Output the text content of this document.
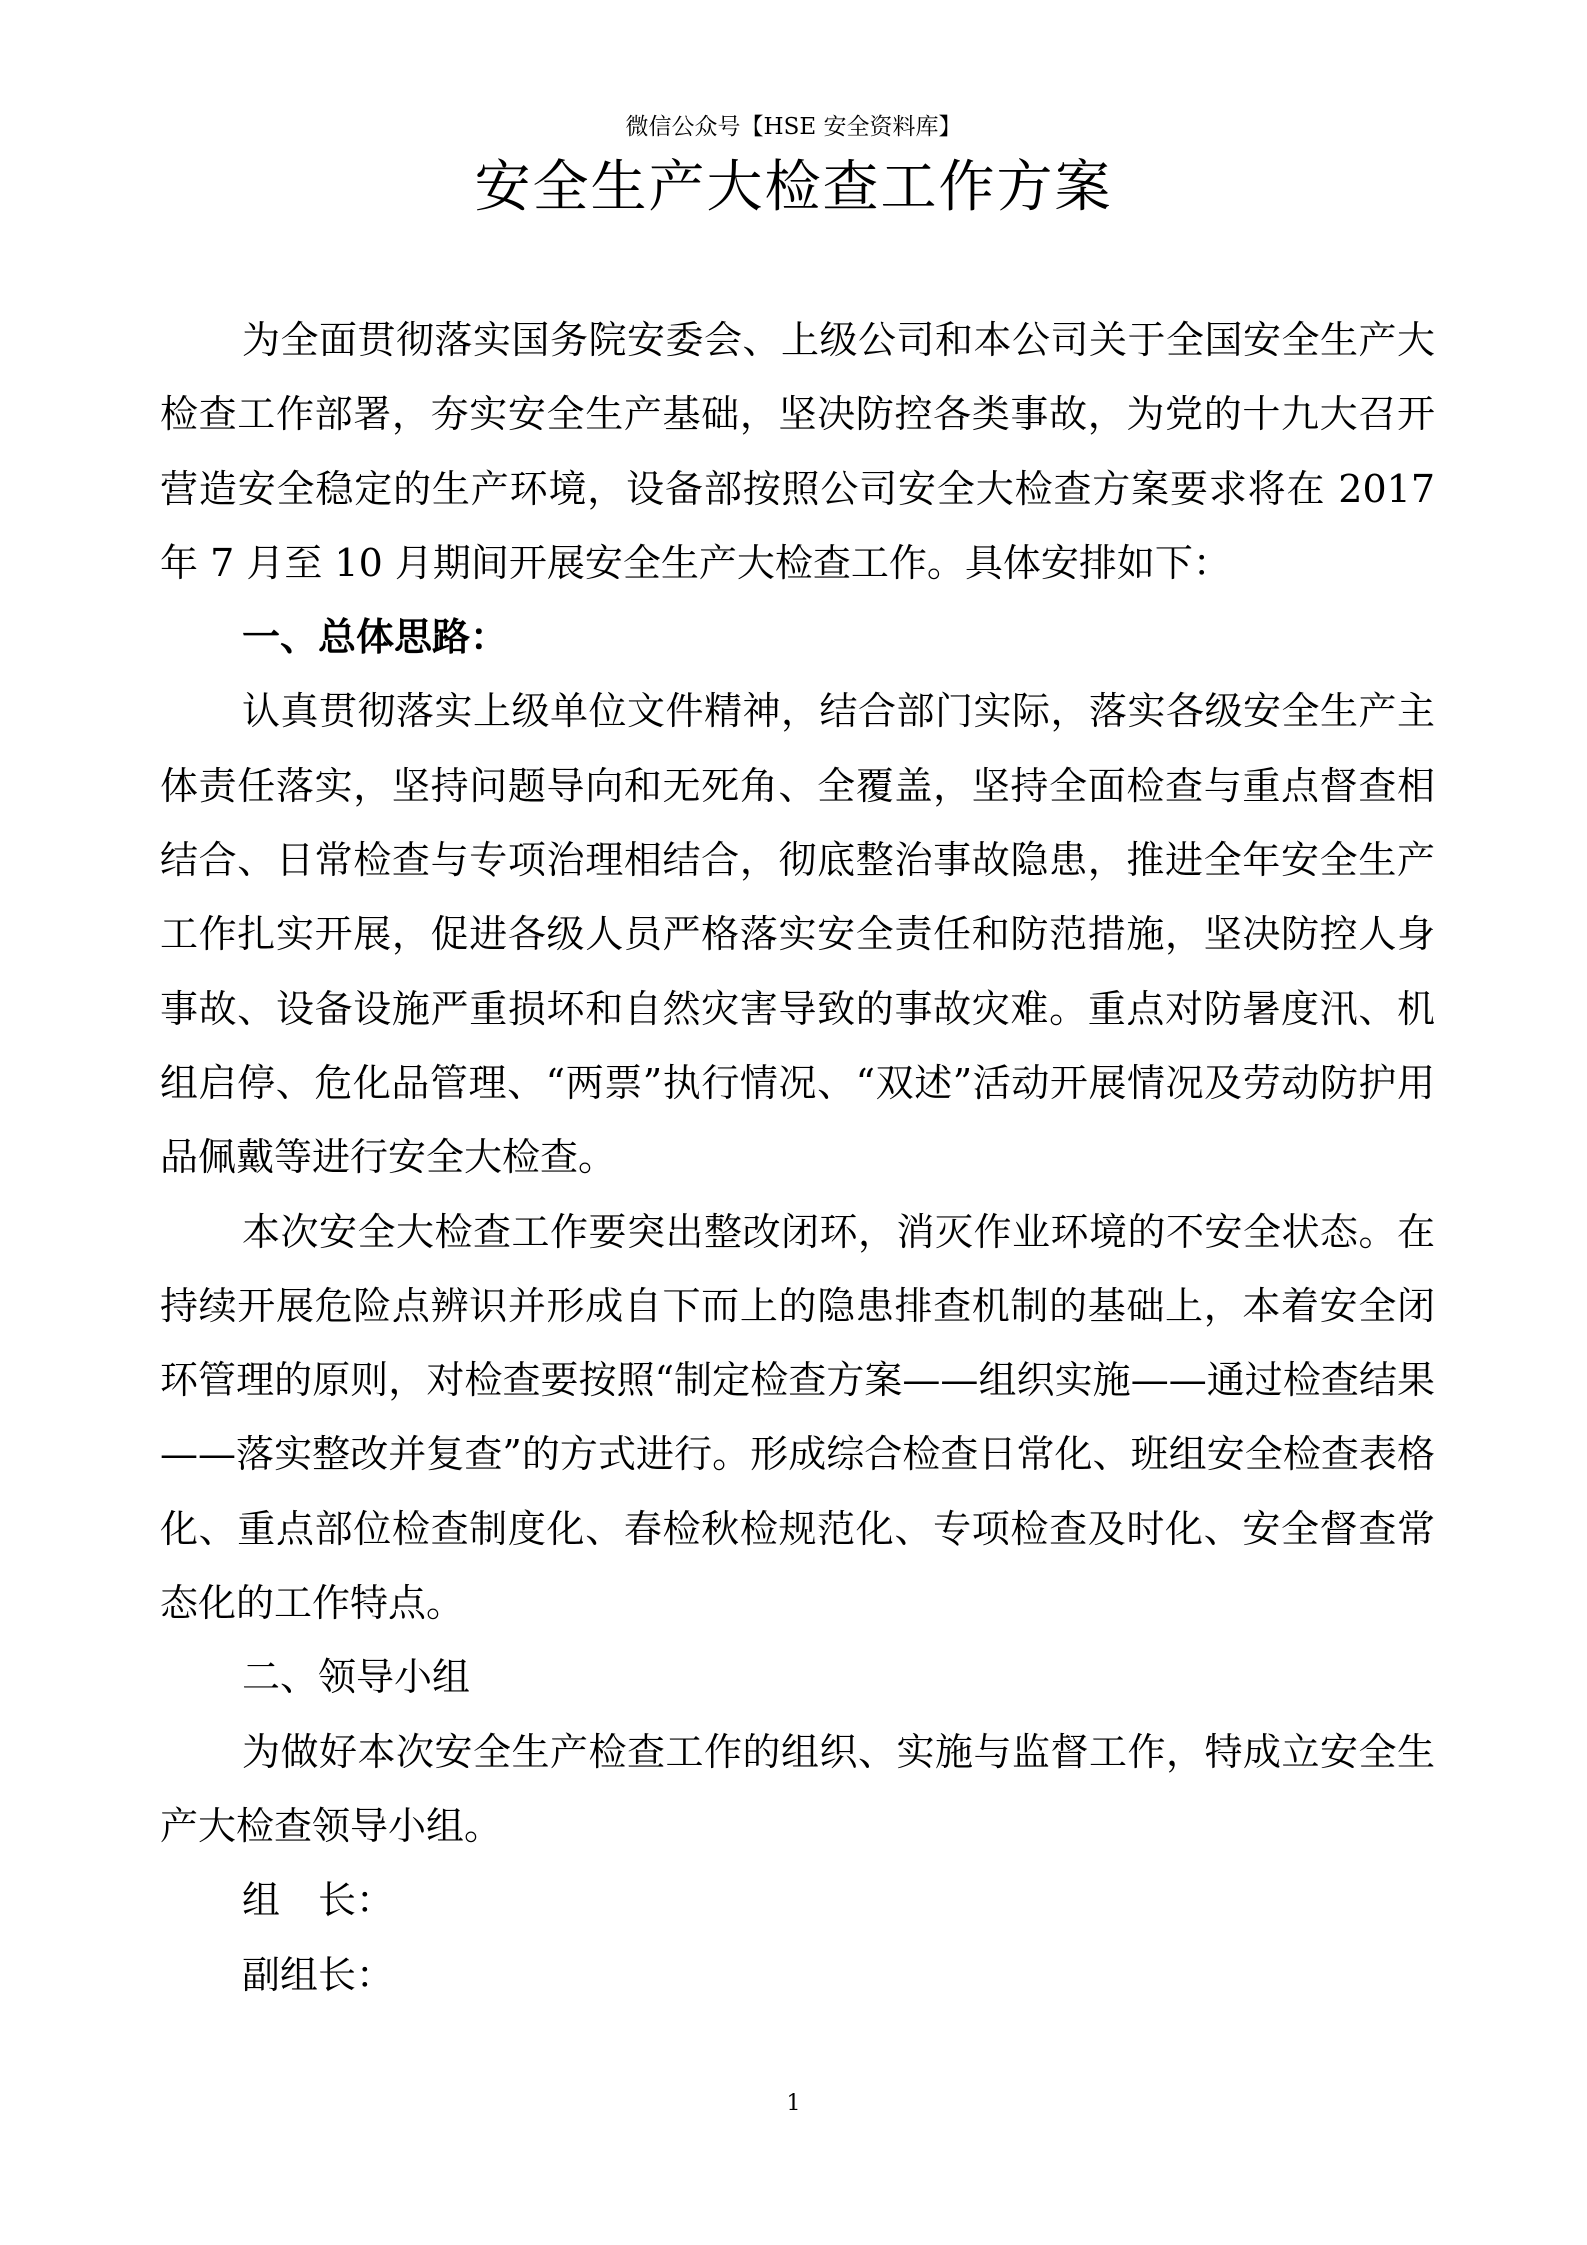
微信公众号【HSE 安全资料库】
安全生产大检查工作方案

为全面贯彻落实国务院安委会、上级公司和本公司关于全国安全生产大检查工作部署，夯实安全生产基础，坚决防控各类事故，为党的十九大召开营造安全稳定的生产环境，设备部按照公司安全大检查方案要求将在 2017 年 7 月至 10 月期间开展安全生产大检查工作。具体安排如下：

一、总体思路：

认真贯彻落实上级单位文件精神，结合部门实际，落实各级安全生产主体责任落实，坚持问题导向和无死角、全覆盖，坚持全面检查与重点督查相结合、日常检查与专项治理相结合，彻底整治事故隐患，推进全年安全生产工作扎实开展，促进各级人员严格落实安全责任和防范措施，坚决防控人身事故、设备设施严重损坏和自然灾害导致的事故灾难。重点对防暑度汛、机组启停、危化品管理、“两票”执行情况、“双述”活动开展情况及劳动防护用品佩戴等进行安全大检查。

本次安全大检查工作要突出整改闭环，消灭作业环境的不安全状态。在持续开展危险点辨识并形成自下而上的隐患排查机制的基础上，本着安全闭环管理的原则，对检查要按照“制定检查方案——组织实施——通过检查结果——落实整改并复查”的方式进行。形成综合检查日常化、班组安全检查表格化、重点部位检查制度化、春检秋检规范化、专项检查及时化、安全督查常态化的工作特点。

二、领导小组

为做好本次安全生产检查工作的组织、实施与监督工作，特成立安全生产大检查领导小组。

组　长：

副组长：

1
